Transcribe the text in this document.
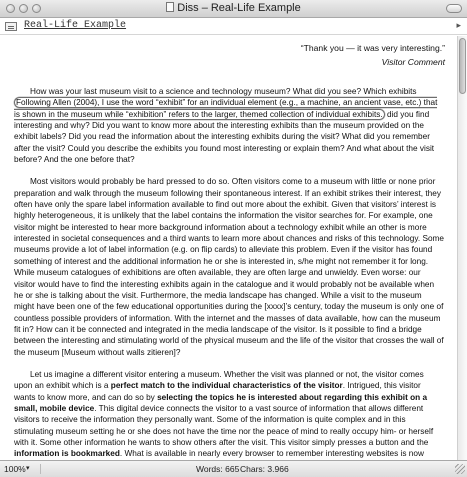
Diss – Real-Life Example
Real-Life Example	▸
“Thank you — it was very interesting.”
Visitor Comment

How was your last museum visit to a science and technology museum? What did you see? Which exhibits Following Allen (2004), I use the word “exhibit” for an individual element (e.g., a machine, an ancient vase, etc.) that is shown in the museum while “exhibition” refers to the larger, themed collection of individual exhibits. did you find interesting and why? Did you want to know more about the interesting exhibits than the museum provided on the exhibit labels? Did you read the information about the interesting exhibits during the visit? What did you remember after the visit? Could you describe the exhibits you found most interesting or explain them? And what about the visit before? And the one before that?

Most visitors would probably be hard pressed to do so. Often visitors come to a museum with little or none prior preparation and walk through the museum following their spontaneous interest. If an exhibit strikes their interest, they often have only the spare label information available to find out more about the exhibit. Given that visitors’ interest is highly heterogeneous, it is unlikely that the label contains the information the visitor searches for. For example, one visitor might be interested to hear more background information about a technology exhibit while an other is more interested in societal consequences and a third wants to learn more about chances and risks of this technology. Some museums provide a lot of label information (e.g. on flip cards) to alleviate this problem. Even if the visitor has found something of interest and the additional information he or she is interested in, s/he might not remember it for long. While museum catalogues of exhibitions are often available, they are often large and unwieldy. Even worse: our visitor would have to find the interesting exhibits again in the catalogue and it would probably not be available when he or she is talking about the visit. Furthermore, the media landscape has changed. While a visit to the museum might have been one of the few educational opportunities during the [xxxx]’s century, today the museum is only one of countless possible providers of information. With the internet and the masses of data available, how can the museum fit in? How can it be connected and integrated in the media landscape of the visitor. Is it possible to find a bridge between the interesting and stimulating world of the physical museum and the life of the visitor that crosses the wall of the museum [Museum without walls zitieren]?

Let us imagine a different visitor entering a museum. Whether the visit was planned or not, the visitor comes upon an exhibit which is a perfect match to the individual characteristics of the visitor. Intrigued, this visitor wants to know more, and can do so by selecting the topics he is interested about regarding this exhibit on a small, mobile device. This digital device connects the visitor to a vast source of information that allows different visitors to receive the information they personally want. Some of the information is quite complex and in this stimulating museum setting he or she does not have the time nor the peace of mind to really occupy him- or herself with it. Some other information he wants to show others after the visit. This visitor simply presses a button and the information is bookmarked. What is available in nearly every browser to remember interesting websites is now

100% ▾	Words: 665 Chars: 3.966
